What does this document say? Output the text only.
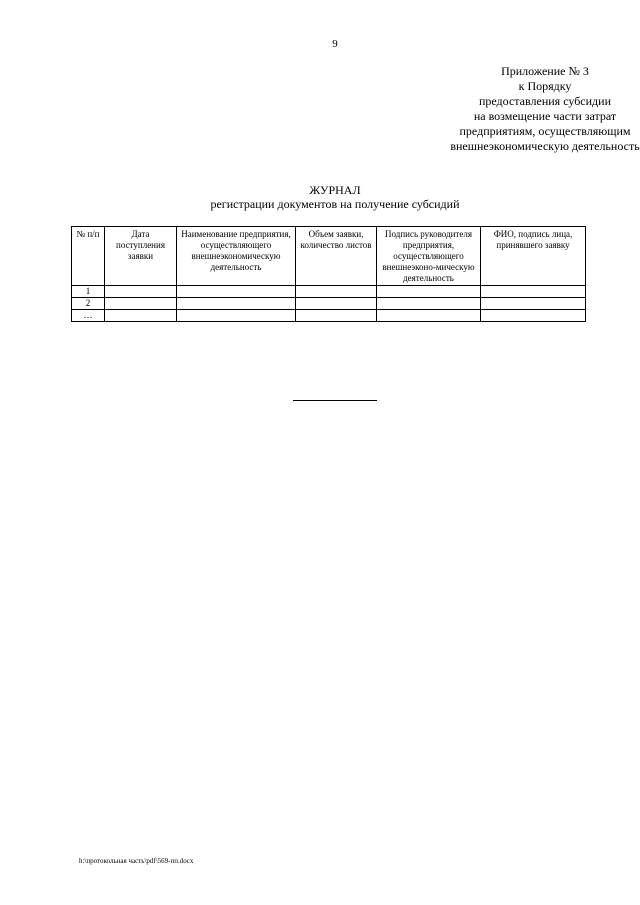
9
Приложение № 3
к Порядку
предоставления субсидии
на возмещение части затрат
предприятиям, осуществляющим
внешнеэкономическую деятельность
ЖУРНАЛ
регистрации документов на получение субсидий
№ п/п	Дата поступления заявки	Наименование предприятия, осуществляющего внешнеэкономическую деятельность	Объем заявки, количество листов	Подпись руководителя предприятия, осуществляющего внешнеэконо-мическую деятельность	ФИО, подпись лица, принявшего заявку
1					
2					
…					
h:\протокольная часть\pdf\569-пп.docx
